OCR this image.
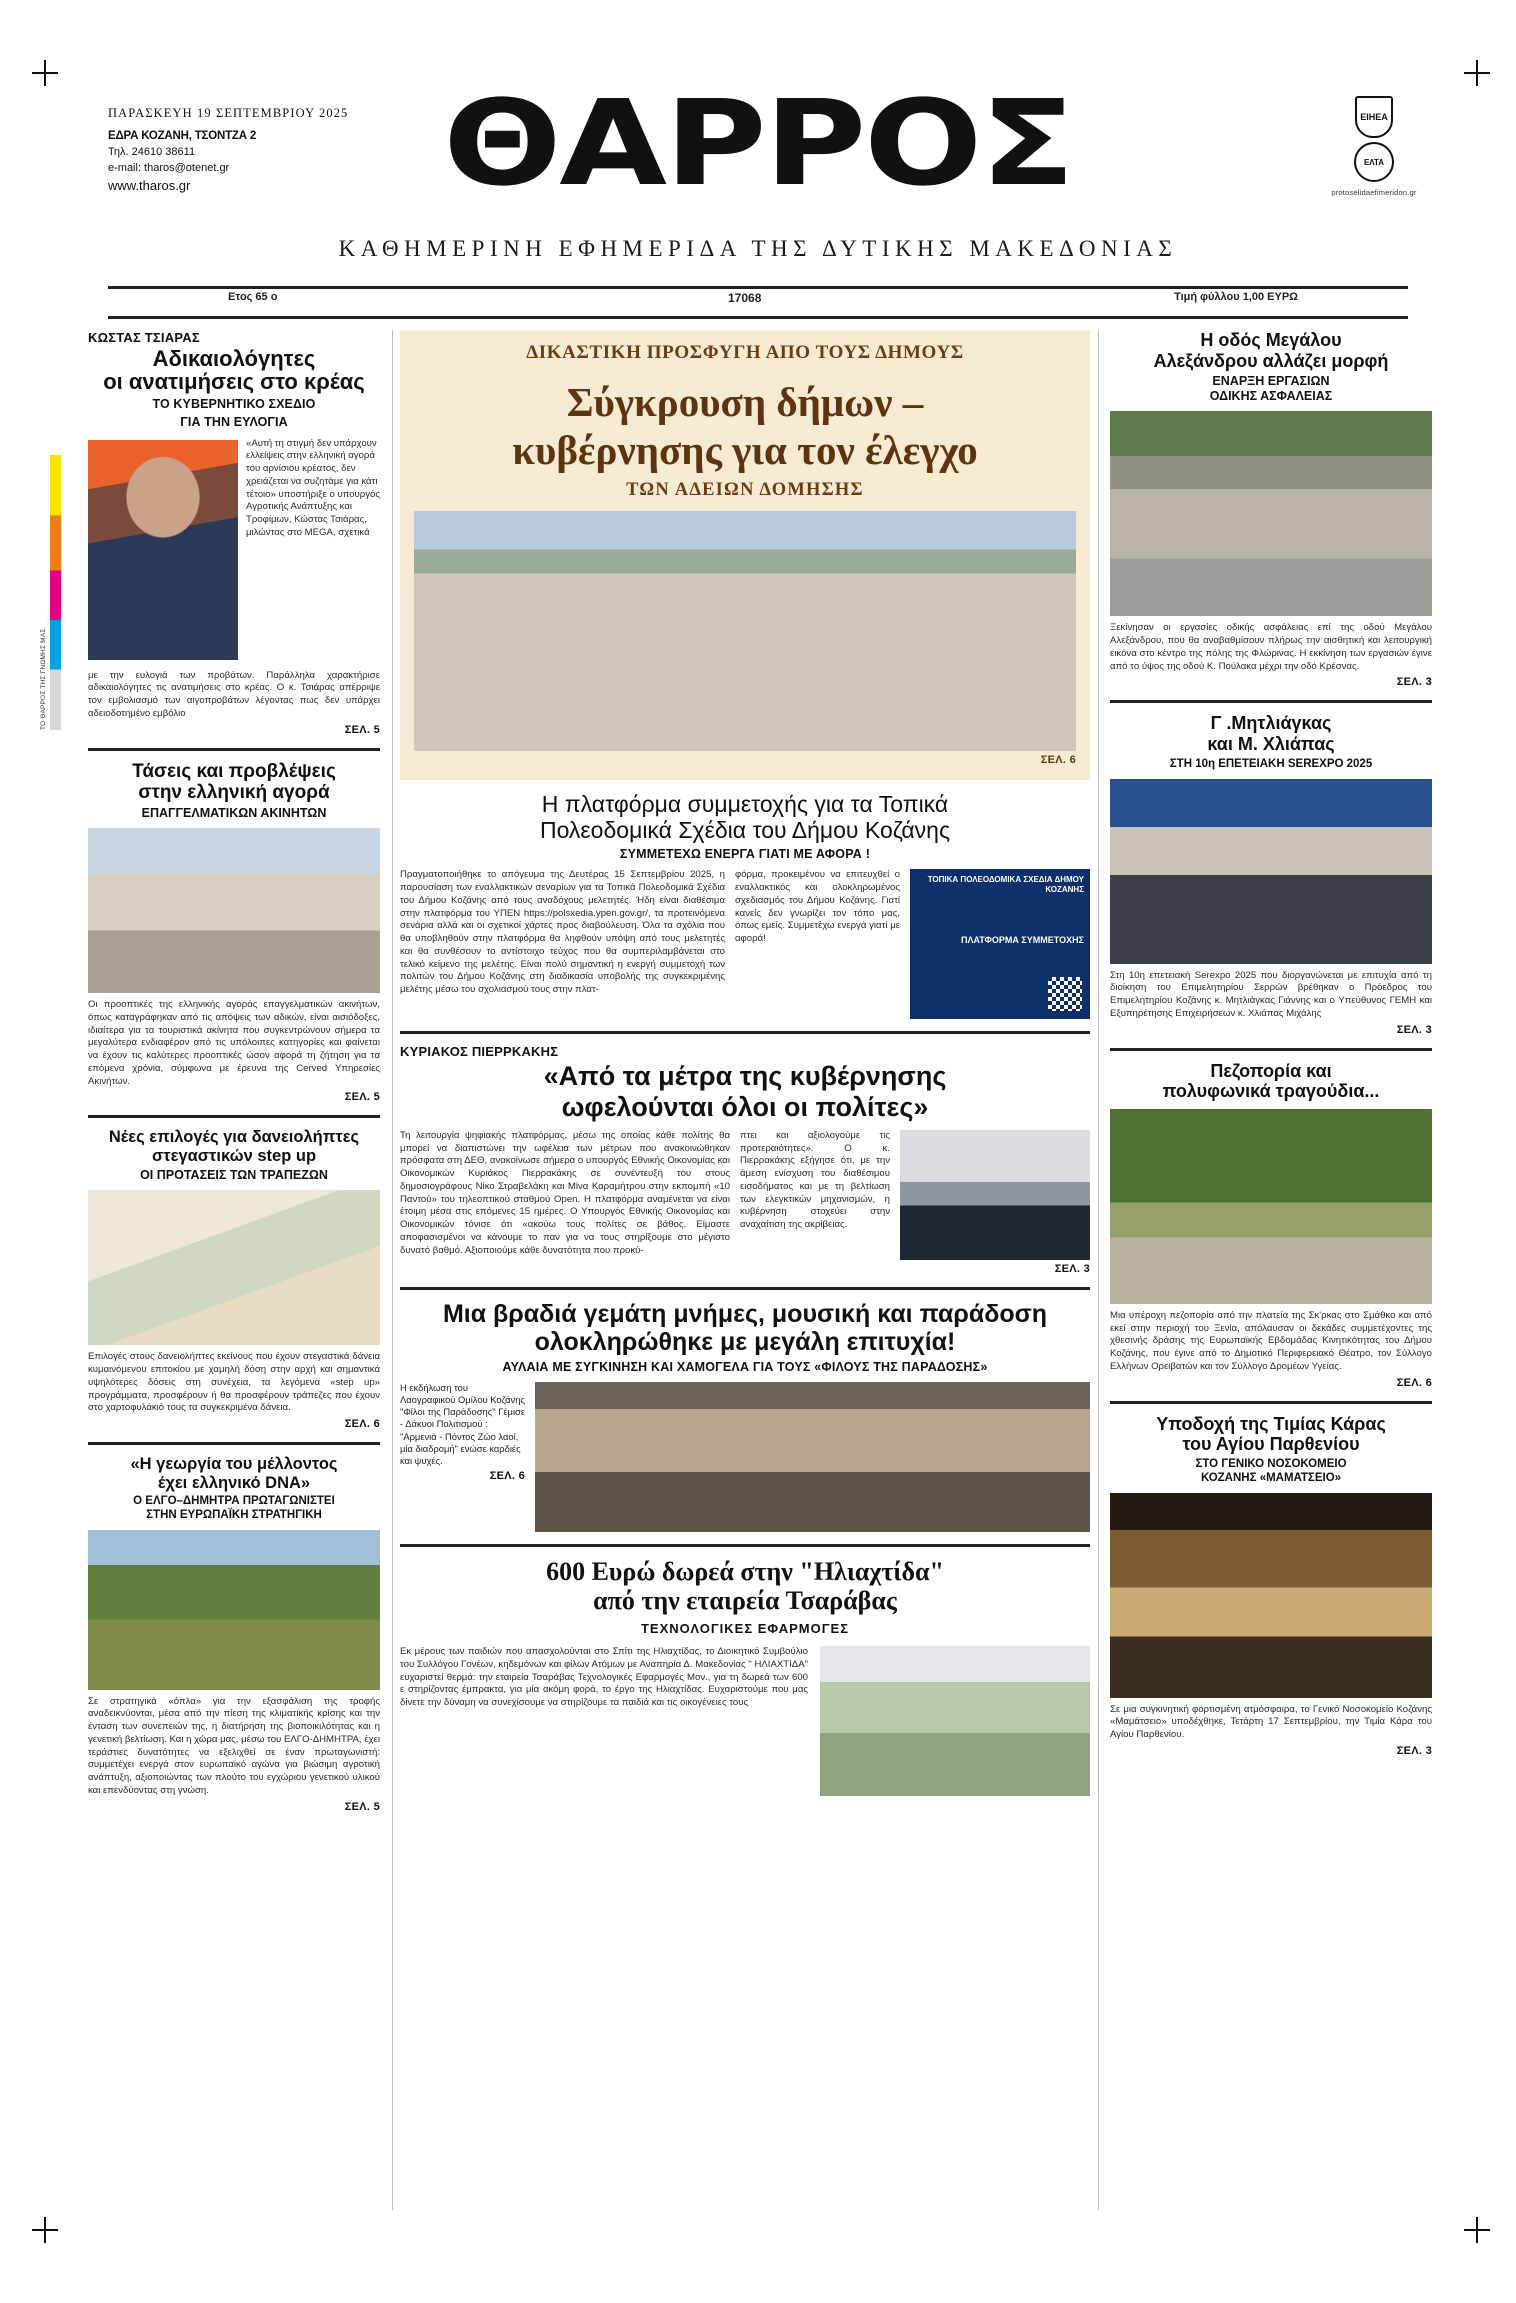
ΤΟ ΘΑΡΡΟΣ ΤΗΣ ΓΝΩΜΗΣ ΜΑΣ
ΠΑΡΑΣΚΕΥΗ 19 ΣΕΠΤΕΜΒΡΙΟΥ 2025
ΕΔΡΑ ΚΟΖΑΝΗ, ΤΣΟΝΤΖΑ 2
Τηλ. 24610 38611
e-mail: tharos@otenet.gr
www.tharos.gr	ΘΑΡΡΟΣ
ΚΑΘΗΜΕΡΙΝΗ ΕΦΗΜΕΡΙΔΑ ΤΗΣ ΔΥΤΙΚΗΣ ΜΑΚΕΔΟΝΙΑΣ
ΕΙΗΕΑ
ΕΛΤΑ
protoselidaefimeridon.gr
Ετος 65 ο	17068	Τιμή φύλλου 1,00 ΕΥΡΩ
ΚΩΣΤΑΣ ΤΣΙΑΡΑΣ
Αδικαιολόγητες
οι ανατιμήσεις στο κρέας
ΤΟ ΚΥΒΕΡΝΗΤΙΚΟ ΣΧΕΔΙΟ
ΓΙΑ ΤΗΝ ΕΥΛΟΓΙΑ
«Αυτή τη στιγμή δεν υπάρχουν ελλείψεις στην ελληνική αγορά του αρνίσιου κρέατος, δεν χρειάζεται να συζητάμε για κάτι τέτοιο» υποστήριξε ο υπουργός Αγροτικής Ανάπτυξης και Τροφίμων, Κώστας Τσιάρας, μιλώντας στο MEGA, σχετικά
με την ευλογιά των προβάτων. Παράλληλα χαρακτήρισε αδικαιολόγητες τις ανατιμήσεις στο κρέας. Ο κ. Τσιάρας απέρριψε τον εμβολιασμό των αιγοπροβάτων λέγοντας πως δεν υπάρχει αδειοδοτημένο εμβόλιο
ΣΕΛ. 5
Τάσεις και προβλέψεις
στην ελληνική αγορά
ΕΠΑΓΓΕΛΜΑΤΙΚΩΝ ΑΚΙΝΗΤΩΝ
Οι προοπτικές της ελληνικής αγοράς επαγγελματικών ακινήτων, όπως καταγράφηκαν από τις απόψεις των αδικών, είναι αισιόδοξες, ιδιαίτερα για τα τουριστικά ακίνητα που συγκεντρώνουν σήμερα τα μεγαλύτερα ενδιαφέρον από τις υπόλοιπες κατηγορίες και φαίνεται να έχουν τις καλύτερες προοπτικές ώσον αφορά τη ζήτηση για τα επόμενα χρόνια, σύμφωνα με έρευνα της Cerved Υπηρεσίες Ακινήτων.
ΣΕΛ. 5
Νέες επιλογές για δανειολήπτες
στεγαστικών step up
ΟΙ ΠΡΟΤΑΣΕΙΣ ΤΩΝ ΤΡΑΠΕΖΩΝ
Επιλογές στους δανειολήπτες εκείνους που έχουν στεγαστικά δάνεια κυμαινόμενου επιτοκίου με χαμηλή δόση στην αρχή και σημαντικά υψηλότερες δόσεις στη συνέχεια, τα λεγόμενα «step up» προγράμματα, προσφέρουν ή θα προσφέρουν τράπεζες που έχουν στο χαρτοφυλάκιό τους τα συγκεκριμένα δάνεια.
ΣΕΛ. 6
«Η γεωργία του μέλλοντος
έχει ελληνικό DNA»
Ο ΕΛΓΟ–ΔΗΜΗΤΡΑ ΠΡΩΤΑΓΩΝΙΣΤΕΙ
ΣΤΗΝ ΕΥΡΩΠΑΪΚΗ ΣΤΡΑΤΗΓΙΚΗ
Σε στρατηγικά «όπλα» για την εξασφάλιση της τροφής αναδεικνύονται, μέσα από την πίεση της κλιματικής κρίσης και την ένταση των συνεπειών της, η διατήρηση της βιοποικιλότητας και η γενετική βελτίωση. Και η χώρα μας, μέσω του ΕΛΓΟ-ΔΗΜΗΤΡΑ, έχει τεράστιες δυνατότητες να εξελιχθεί σε έναν πρωταγωνιστή: συμμετέχει ενεργά στον ευρωπαϊκό αγώνα για βιώσιμη αγροτική ανάπτυξη, αξιοποιώντας των πλούτο του εγχώριου γενετικού υλικού και επενδύοντας στη γνώση.
ΣΕΛ. 5
ΔΙΚΑΣΤΙΚΗ ΠΡΟΣΦΥΓΗ ΑΠΟ ΤΟΥΣ ΔΗΜΟΥΣ
Σύγκρουση δήμων –
κυβέρνησης για τον έλεγχο
ΤΩΝ ΑΔΕΙΩΝ ΔΟΜΗΣΗΣ
ΣΕΛ. 6
Η πλατφόρμα συμμετοχής για τα Τοπικά
Πολεοδομικά Σχέδια του Δήμου Κοζάνης
ΣΥΜΜΕΤΕΧΩ ΕΝΕΡΓΑ ΓΙΑΤΙ ΜΕ ΑΦΟΡΑ !
Πραγματοποιήθηκε το απόγευμα της Δευτέρας 15 Σεπτεμβρίου 2025, η παρουσίαση των εναλλακτικών σεναρίων για τα Τοπικά Πολεοδομικά Σχέδια του Δήμου Κοζάνης από τους αναδόχους μελετητές. Ήδη είναι διαθέσιμα στην πλατφόρμα του ΥΠΕΝ https://polsxedia.ypen.gov.gr/, τα προτεινόμενα σενάρια αλλά και οι σχετικοί χάρτες προς διαβούλευση. Όλα τα σχόλια που θα υποβληθούν στην πλατφόρμα θα ληφθούν υπόψη από τους μελετητές και θα συνθέσουν το αντίστοιχο τεύχος που θα συμπεριλαμβάνεται στο τελικό κείμενο της μελέτης. Είναι πολύ σημαντική η ενεργή συμμετοχή των πολιτών του Δήμου Κοζάνης στη διαδικασία υποβολής της συγκεκριμένης μελέτης μέσω του σχολιασμού τους στην πλατ-
φόρμα, προκειμένου να επιτευχθεί ο εναλλακτικός και ολοκληρωμένος σχεδιασμός του Δήμου Κοζάνης. Γιατί κανείς δεν γνωρίζει τον τόπο μας, όπως εμείς. Συμμετέχω ενεργά γιατί με αφορά!
ΤΟΠΙΚΑ ΠΟΛΕΟΔΟΜΙΚΑ ΣΧΕΔΙΑ ΔΗΜΟΥ ΚΟΖΑΝΗΣ
ΠΛΑΤΦΟΡΜΑ ΣΥΜΜΕΤΟΧΗΣ
ΚΥΡΙΑΚΟΣ ΠΙΕΡΡΚΑΚΗΣ
«Από τα μέτρα της κυβέρνησης
ωφελούνται όλοι οι πολίτες»
Τη λειτουργία ψηφιακής πλατφόρμας, μέσω της οποίας κάθε πολίτης θα μπορεί να διαπιστώνει την ωφέλεια των μέτρων που ανακοινώθηκαν πρόσφατα στη ΔΕΘ, ανακοίνωσε σήμερα ο υπουργός Εθνικής Οικονομίας και Οικονομικών Κυριάκος Πιερρακάκης σε συνέντευξή του στους δημοσιογράφους Νίκο Στραβελάκη και Μίνα Καραμήτρου στην εκπομπή «10 Παντού» του τηλεοπτικού σταθμού Open. Η πλατφόρμα αναμένεται να είναι έτοιμη μέσα στις επόμενες 15 ημέρες. Ο Υπουργός Εθνικής Οικονομίας και Οικονομικών τόνισε ότι «ακούω τους πολίτες σε βάθος. Είμαστε αποφασισμένοι να κάνουμε το παν για να τους στηρίξουμε στο μέγιστο δυνατό βαθμό. Αξιοποιούμε κάθε δυνατότητα που προκύ-
πτει και αξιολογούμε τις προτεραιότητες». Ο κ. Πιερρακάκης εξήγησε ότι, με την άμεση ενίσχυση του διαθέσιμου εισοδήματος και με τη βελτίωση των ελεγκτικών μηχανισμών, η κυβέρνηση στοχεύει στην αναχαίτιση της ακρίβειας.
ΣΕΛ. 3
Μια βραδιά γεμάτη μνήμες, μουσική και παράδοση
ολοκληρώθηκε με μεγάλη επιτυχία!
ΑΥΛΑΙΑ ΜΕ ΣΥΓΚΙΝΗΣΗ ΚΑΙ ΧΑΜΟΓΕΛΑ ΓΙΑ ΤΟΥΣ «ΦΙΛΟΥΣ ΤΗΣ ΠΑΡΑΔΟΣΗΣ»
Η εκδήλωση του Λαογραφικού Ομίλου Κοζάνης "Φίλοι της Παράδοσης" Γέμισε - Δάκυοι Πολιτισμού : "Αρμενιά - Πόντος Ζώο λαοί, μία διαδρομή" ενώσε καρδιές και ψυχές.
ΣΕΛ. 6
600 Ευρώ δωρεά στην "Ηλιαχτίδα"
από την εταιρεία Τσαράβας
ΤΕΧΝΟΛΟΓΙΚΕΣ ΕΦΑΡΜΟΓΕΣ
Εκ μέρους των παιδιών που απασχολούνται στο Σπίτι της Ηλιαχτίδας, το Διοικητικό Συμβούλιο του Συλλόγου Γονέων, κηδεμόνων και φίλων Ατόμων με Αναπηρία Δ. Μακεδονίας " ΗΛΙΑΧΤΙΔΑ" ευχαριστεί θερμά: την εταιρεία Τσαράβας Τεχνολογικές Εφαρμογές Μον., για τη δωρεά των 600 ε στηρίζοντας έμπρακτα, για μία ακόμη φορά, το έργο της Ηλιαχτίδας. Ευχαριστούμε που μας δίνετε την δύναμη να συνεχίσουμε να στηρίζουμε τα παιδιά και τις οικογένειες τους
Η οδός Μεγάλου
Αλεξάνδρου αλλάζει μορφή
ΕΝΑΡΞΗ ΕΡΓΑΣΙΩΝ
ΟΔΙΚΗΣ ΑΣΦΑΛΕΙΑΣ
Ξεκίνησαν οι εργασίες οδικής ασφάλειας επί της οδού Μεγάλου Αλεξάνδρου, που θα αναβαθμίσουν πλήρως την αισθητική και λειτουργική εικόνα στο κέντρο της πόλης της Φλώρινας. Η εκκίνηση των εργασιών έγινε από το ύψος της οδού Κ. Πούλακα μέχρι την οδό Κρέσνας.
ΣΕΛ. 3
Γ .Μητλιάγκας
και Μ. Χλιάπας
ΣΤΗ 10η ΕΠΕΤΕΙΑΚΗ SEREXPO 2025
Στη 10η επετειακή Serexpo 2025 που διοργανώνεται με επιτυχία από τη διοίκηση του Επιμελητηρίου Σερρών βρέθηκαν ο Πρόεδρος του Επιμελητηρίου Κοζάνης κ. Μητλιάγκας Γιάννης και ο Υπεύθυνος ΓΕΜΗ και Εξυπηρέτησης Επιχειρήσεων κ. Χλιάπας Μιχάλης
ΣΕΛ. 3
Πεζοπορία και
πολυφωνικά τραγούδια...
Μια υπέροχη πεζοπορία από την πλατεία της Σκ'ρκας στο Σμάθκο και από εκεί στην περιοχή του Ξενία, απόλαυσαν οι δεκάδες συμμετέχοντες της χθεσινής δράσης της Ευρωπαϊκής Εβδομάδας Κινητικότητας του Δήμου Κοζάνης, που έγινε από το Δημοτικό Περιφερειακό Θέατρο, τον Σύλλογο Ελλήνων Ορειβατών και τον Σύλλογο Δρομέων Υγείας.
ΣΕΛ. 6
Υποδοχή της Τιμίας Κάρας
του Αγίου Παρθενίου
ΣΤΟ ΓΕΝΙΚΟ ΝΟΣΟΚΟΜΕΙΟ
ΚΟΖΑΝΗΣ «ΜΑΜΑΤΣΕΙΟ»
Σε μια συγκινητική φορτισμένη ατμόσφαιρα, το Γενικό Νοσοκομείο Κοζάνης «Μαμάτσειο» υποδέχθηκε, Τετάρτη 17 Σεπτεμβρίου, την Τιμία Κάρα του Αγίου Παρθενίου.
ΣΕΛ. 3
